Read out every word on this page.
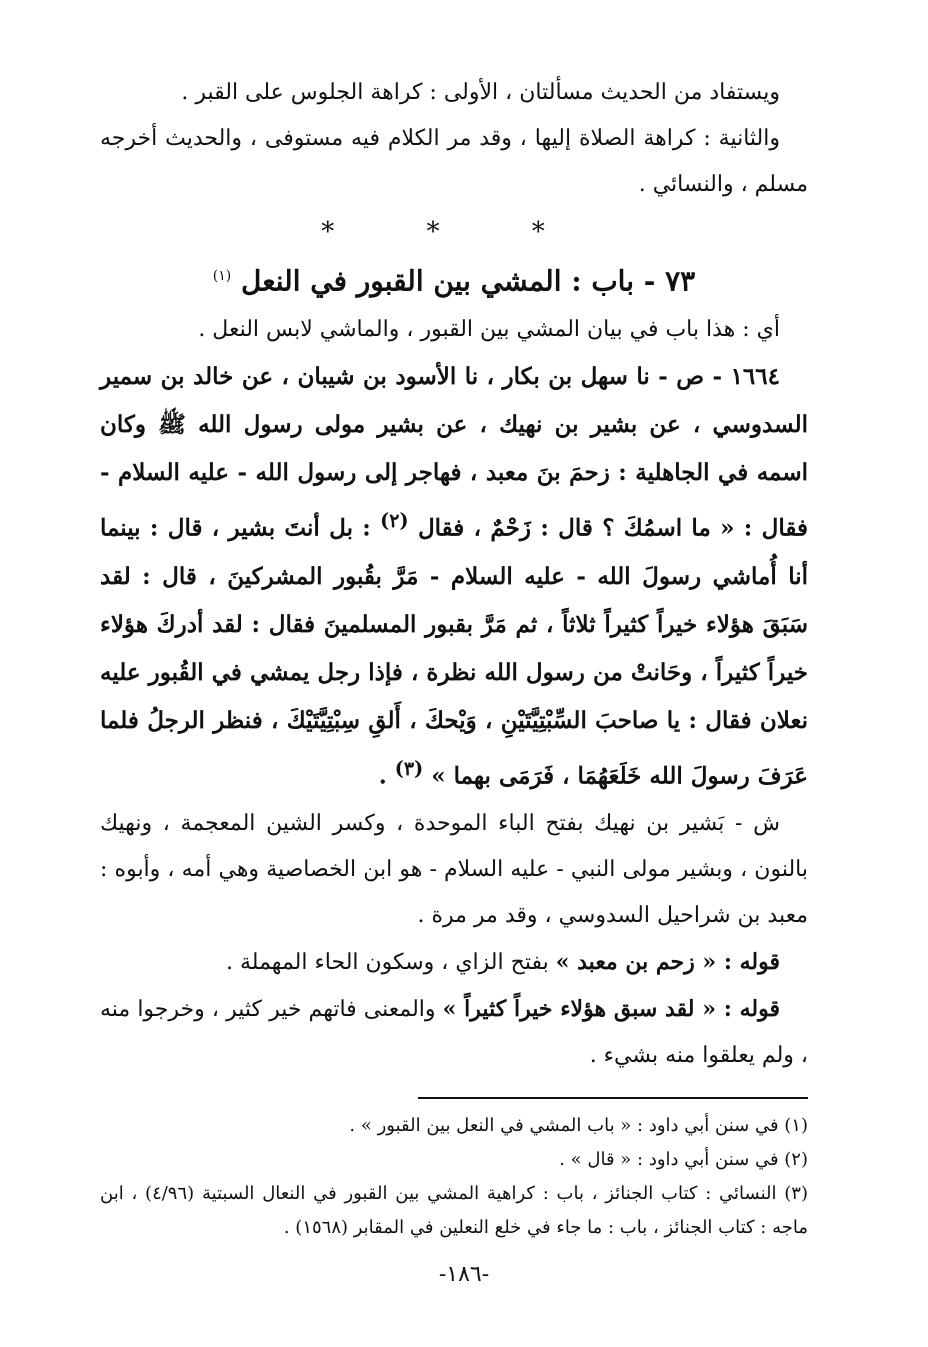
ويستفاد من الحديث مسألتان ، الأولى : كراهة الجلوس على القبر .

والثانية : كراهة الصلاة إليها ، وقد مر الكلام فيه مستوفى ، والحديث أخرجه مسلم ، والنسائي .

* * *

٧٣ - باب : المشي بين القبور في النعل $^{(١)}$

أي : هذا باب في بيان المشي بين القبور ، والماشي لابس النعل .

١٦٦٤ - ص - نا سهل بن بكار ، نا الأسود بن شيبان ، عن خالد بن سمير السدوسي ، عن بشير بن نهيك ، عن بشير مولى رسول الله ﷺ وكان اسمه في الجاهلية : زحمَ بنَ معبد ، فهاجر إلى رسول الله - عليه السلام - فقال : « ما اسمُكَ ؟ قال : زَحْمٌ ، فقال $^{(٢)}$ : بل أنتَ بشير ، قال : بينما أنا أُماشي رسولَ الله - عليه السلام - مَرَّ بقُبور المشركينَ ، قال : لقد سَبَقَ هؤلاء خيراً كثيراً ثلاثاً ، ثم مَرَّ بقبور المسلمينَ فقال : لقد أدركَ هؤلاء خيراً كثيراً ، وحَانتْ من رسول الله نظرة ، فإذا رجل يمشي في القُبور عليه نعلان فقال : يا صاحبَ السِّبْتِيَّتَيْنِ ، وَيْحكَ ، أَلقِ سِبْتِيَّتَيْكَ ، فنظر الرجلُ فلما عَرَفَ رسولَ الله خَلَعَهُمَا ، فَرَمَى بهما » $^{(٣)}$ .

ش - بَشير بن نهيك بفتح الباء الموحدة ، وكسر الشين المعجمة ، ونهيك بالنون ، وبشير مولى النبي - عليه السلام - هو ابن الخصاصية وهي أمه ، وأبوه : معبد بن شراحيل السدوسي ، وقد مر مرة .

قوله : « زحم بن معبد » بفتح الزاي ، وسكون الحاء المهملة .

قوله : « لقد سبق هؤلاء خيراً كثيراً » والمعنى فاتهم خير كثير ، وخرجوا منه ، ولم يعلقوا منه بشيء .

(١) في سنن أبي داود : « باب المشي في النعل بين القبور » .

(٢) في سنن أبي داود : « قال » .

(٣) النسائي : كتاب الجنائز ، باب : كراهية المشي بين القبور في النعال السبتية (٤/٩٦) ، ابن ماجه : كتاب الجنائز ، باب : ما جاء في خلع النعلين في المقابر (١٥٦٨) .

-١٨٦-
